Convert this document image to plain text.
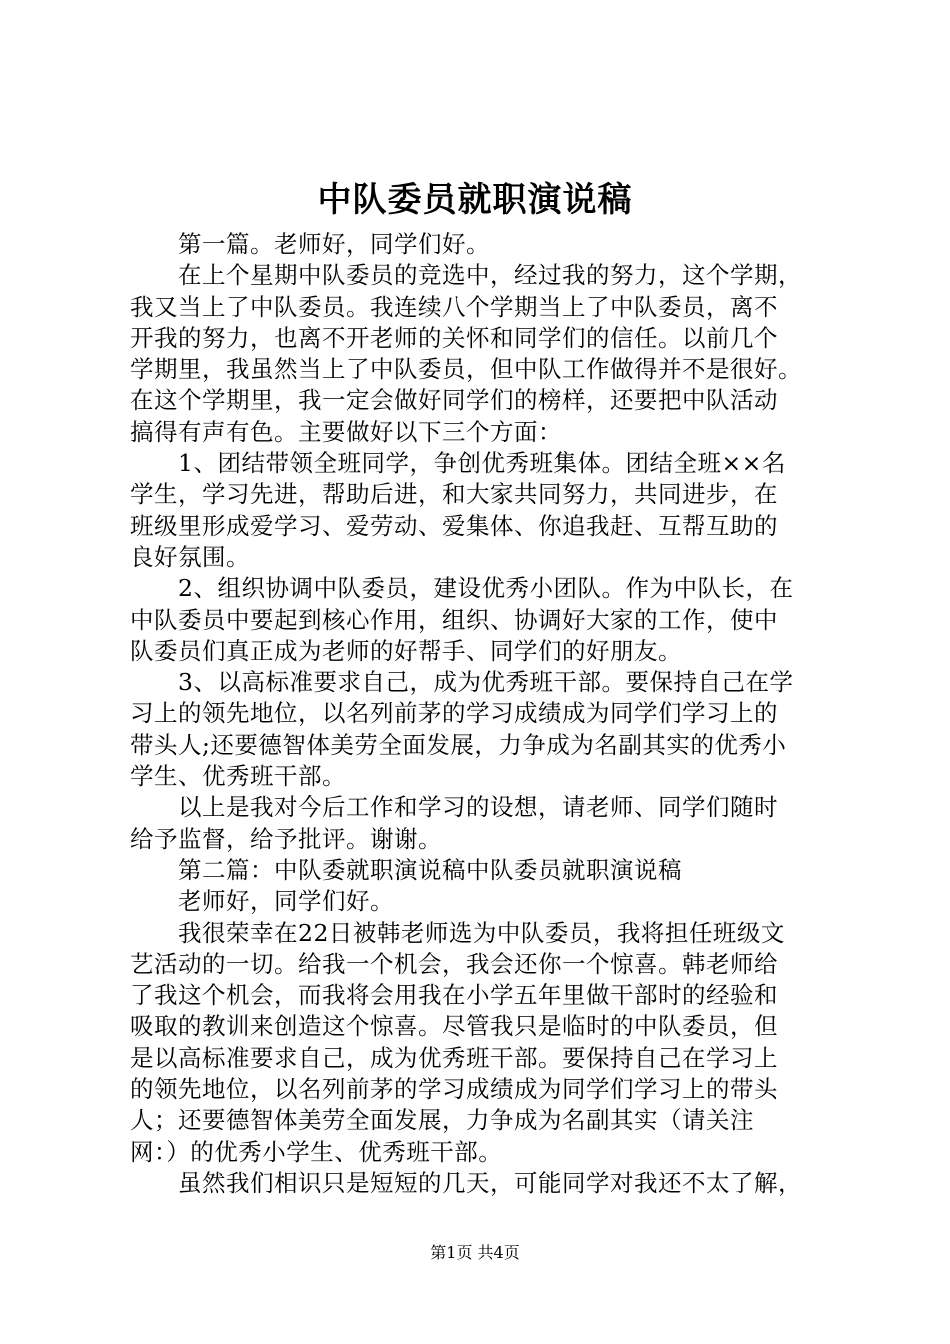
中队委员就职演说稿
第一篇。老师好，同学们好。
在上个星期中队委员的竞选中，经过我的努力，这个学期，
我又当上了中队委员。我连续八个学期当上了中队委员，离不
开我的努力，也离不开老师的关怀和同学们的信任。以前几个
学期里，我虽然当上了中队委员，但中队工作做得并不是很好。
在这个学期里，我一定会做好同学们的榜样，还要把中队活动
搞得有声有色。主要做好以下三个方面：
1、团结带领全班同学，争创优秀班集体。团结全班××名
学生，学习先进，帮助后进，和大家共同努力，共同进步，在
班级里形成爱学习、爱劳动、爱集体、你追我赶、互帮互助的
良好氛围。
2、组织协调中队委员，建设优秀小团队。作为中队长，在
中队委员中要起到核心作用，组织、协调好大家的工作，使中
队委员们真正成为老师的好帮手、同学们的好朋友。
3、以高标准要求自己，成为优秀班干部。要保持自己在学
习上的领先地位，以名列前茅的学习成绩成为同学们学习上的
带头人;还要德智体美劳全面发展，力争成为名副其实的优秀小
学生、优秀班干部。
以上是我对今后工作和学习的设想，请老师、同学们随时
给予监督，给予批评。谢谢。
第二篇：中队委就职演说稿中队委员就职演说稿
老师好，同学们好。
我很荣幸在22日被韩老师选为中队委员，我将担任班级文
艺活动的一切。给我一个机会，我会还你一个惊喜。韩老师给
了我这个机会，而我将会用我在小学五年里做干部时的经验和
吸取的教训来创造这个惊喜。尽管我只是临时的中队委员，但
是以高标准要求自己，成为优秀班干部。要保持自己在学习上
的领先地位，以名列前茅的学习成绩成为同学们学习上的带头
人；还要德智体美劳全面发展，力争成为名副其实（请关注
网：）的优秀小学生、优秀班干部。
虽然我们相识只是短短的几天，可能同学对我还不太了解，
第1页 共4页
